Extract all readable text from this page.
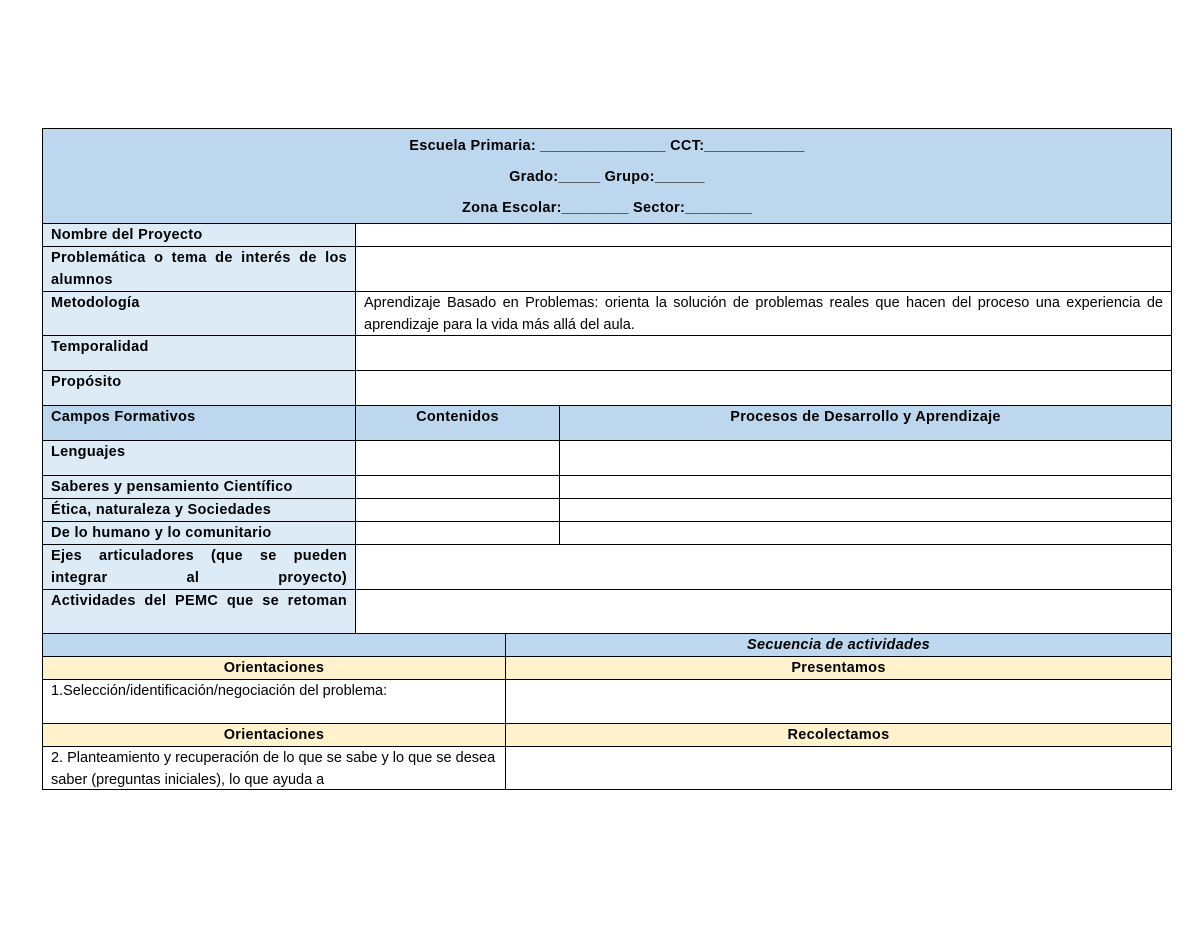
Escuela Primaria: _______________ CCT:____________
Grado:_____ Grupo:______
Zona Escolar:________ Sector:________
Nombre del Proyecto
Problemática o tema de interés de los alumnos
Metodología	Aprendizaje Basado en Problemas: orienta la solución de problemas reales que hacen del proceso una experiencia de aprendizaje para la vida más allá del aula.
Temporalidad
Propósito
Campos Formativos	Contenidos	Procesos de Desarrollo y Aprendizaje
Lenguajes
Saberes y pensamiento Científico
Ética, naturaleza y Sociedades
De lo humano y lo comunitario
Ejes articuladores (que se pueden integrar al proyecto)
Actividades del PEMC que se retoman
Secuencia de actividades
Orientaciones	Presentamos
1.Selección/identificación/negociación del problema:
Orientaciones	Recolectamos
2. Planteamiento y recuperación de lo que se sabe y lo que se desea saber (preguntas iniciales), lo que ayuda a
